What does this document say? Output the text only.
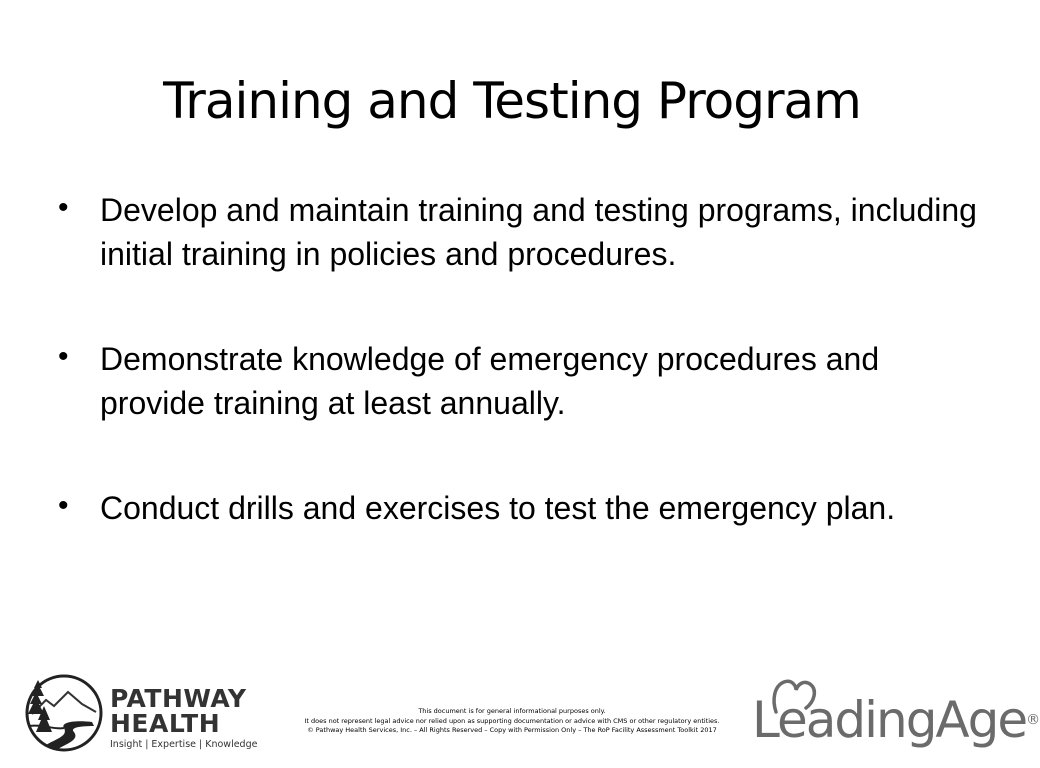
Training and Testing Program
• Develop and maintain training and testing programs, including initial training in policies and procedures.
• Demonstrate knowledge of emergency procedures and provide training at least annually.
• Conduct drills and exercises to test the emergency plan.
PATHWAY
HEALTH
Insight | Expertise | Knowledge
This document is for general informational purposes only.
It does not represent legal advice nor relied upon as supporting documentation or advice with CMS or other regulatory entities.
© Pathway Health Services, Inc. – All Rights Reserved – Copy with Permission Only – The RoP Facility Assessment Toolkit 2017 LeadingAge®
